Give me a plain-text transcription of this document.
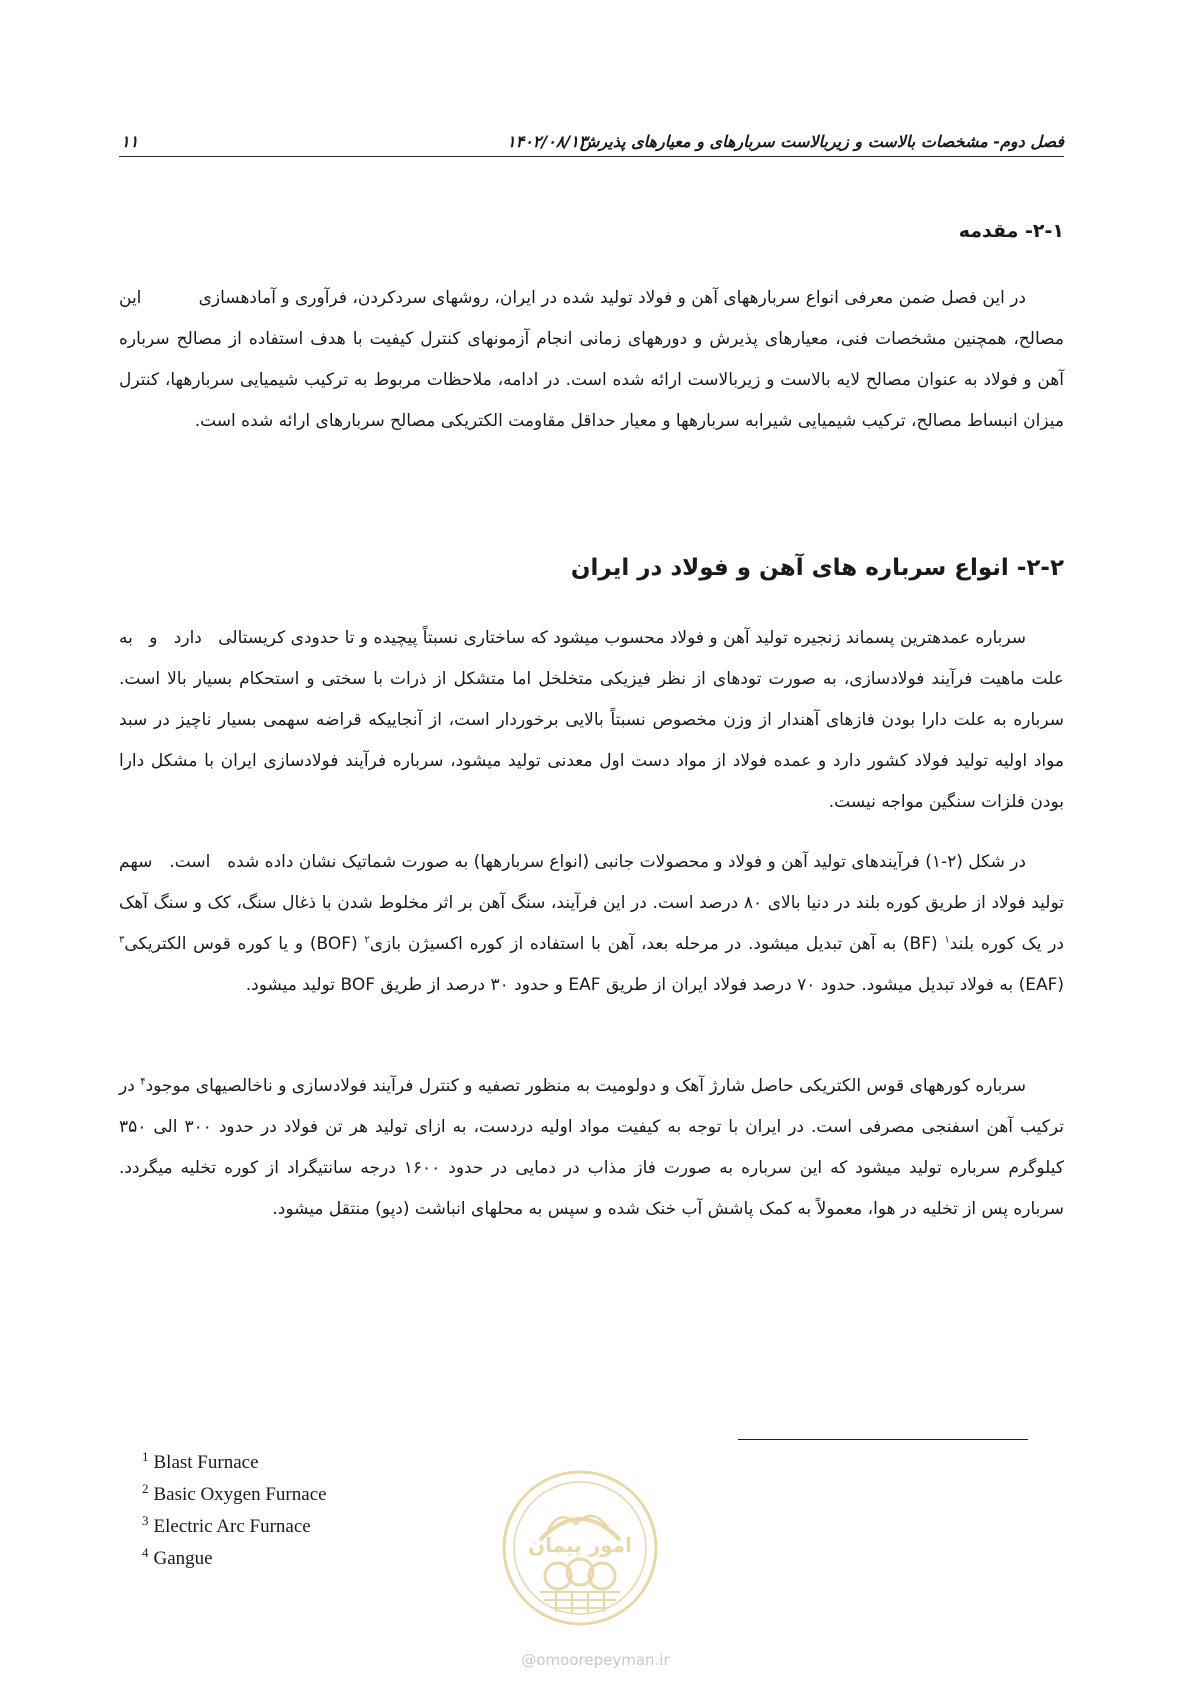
فصل دوم- مشخصات بالاست و زیربالاست سربارهای و معیارهای پذیرش
۱۴۰۲/۰۸/۱۳
۱۱
۲-۱- مقدمه

در این فصل ضمن معرفی انواع سربارههای آهن و فولاد تولید شده در ایران، روشهای سردکردن، فرآوری و آمادهسازی این مصالح، همچنین مشخصات فنی، معیارهای پذیرش و دورههای زمانی انجام آزمونهای کنترل کیفیت با هدف استفاده از مصالح سرباره آهن و فولاد به عنوان مصالح لایه بالاست و زیربالاست ارائه شده است. در ادامه، ملاحظات مربوط به ترکیب شیمیایی سربارهها، کنترل میزان انبساط مصالح، ترکیب شیمیایی شیرابه سربارهها و معیار حداقل مقاومت الکتریکی مصالح سربارهای ارائه شده است.

۲-۲- انواع سرباره های آهن و فولاد در ایران

سرباره عمدهترین پسماند زنجیره تولید آهن و فولاد محسوب میشود که ساختاری نسبتاً پیچیده و تا حدودی کریستالی دارد و به علت ماهیت فرآیند فولادسازی، به صورت تودهای از نظر فیزیکی متخلخل اما متشکل از ذرات با سختی و استحکام بسیار بالا است. سرباره به علت دارا بودن فازهای آهندار از وزن مخصوص نسبتاً بالایی برخوردار است، از آنجاییکه قراضه سهمی بسیار ناچیز در سبد مواد اولیه تولید فولاد کشور دارد و عمده فولاد از مواد دست اول معدنی تولید میشود، سرباره فرآیند فولادسازی ایران با مشکل دارا بودن فلزات سنگین مواجه نیست.

در شکل (۲-۱) فرآیندهای تولید آهن و فولاد و محصولات جانبی (انواع سربارهها) به صورت شماتیک نشان داده شده است. سهم تولید فولاد از طریق کوره بلند در دنیا بالای ۸۰ درصد است. در این فرآیند، سنگ آهن بر اثر مخلوط شدن با ذغال سنگ، کک و سنگ آهک در یک کوره بلند$^۱$ (BF) به آهن تبدیل میشود. در مرحله بعد، آهن با استفاده از کوره اکسیژن بازی$^۲$ (BOF) و یا کوره قوس الکتریکی$^۳$ (EAF) به فولاد تبدیل میشود. حدود ۷۰ درصد فولاد ایران از طریق EAF و حدود ۳۰ درصد از طریق BOF تولید میشود.

سرباره کورههای قوس الکتریکی حاصل شارژ آهک و دولومیت به منظور تصفیه و کنترل فرآیند فولادسازی و ناخالصیهای موجود$^۴$ در ترکیب آهن اسفنجی مصرفی است. در ایران با توجه به کیفیت مواد اولیه دردست، به ازای تولید هر تن فولاد در حدود ۳۰۰ الی ۳۵۰ کیلوگرم سرباره تولید میشود که این سرباره به صورت فاز مذاب در دمایی در حدود ۱۶۰۰ درجه سانتیگراد از کوره تخلیه میگردد. سرباره پس از تخلیه در هوا، معمولاً به کمک پاشش آب خنک شده و سپس به محلهای انباشت (دپو) منتقل میشود.

$^1$ Blast Furnace
$^2$ Basic Oxygen Furnace
$^3$ Electric Arc Furnace
$^4$ Gangue
امور پیمان
@omoorepeyman.ir
